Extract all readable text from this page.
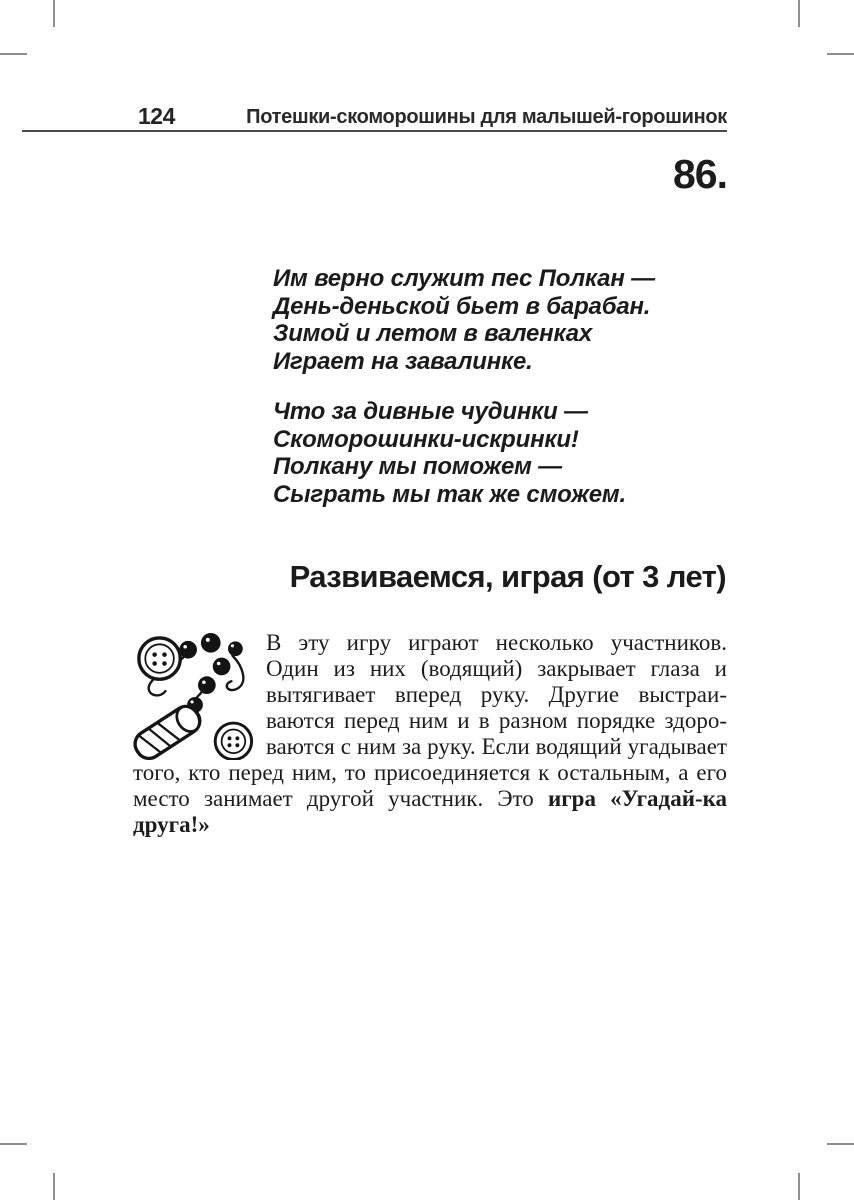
124	Потешки-скоморошины для малышей-горошинок
86.
Им верно служит пес Полкан —
День-деньской бьет в барабан.
Зимой и летом в валенках
Играет на завалинке.
Что за дивные чудинки —
Скоморошинки-искринки!
Полкану мы поможем —
Сыграть мы так же сможем.
Развиваемся, играя (от 3 лет)
В эту игру играют несколько участников. Один из них (водящий) закрывает глаза и вытягивает вперед руку. Другие выстраиваются перед ним и в разном порядке здороваются с ним за руку. Если водящий угадывает того, кто перед ним, то присоединяется к остальным, а его место занимает другой участник. Это игра «Угадай-ка друга!»
